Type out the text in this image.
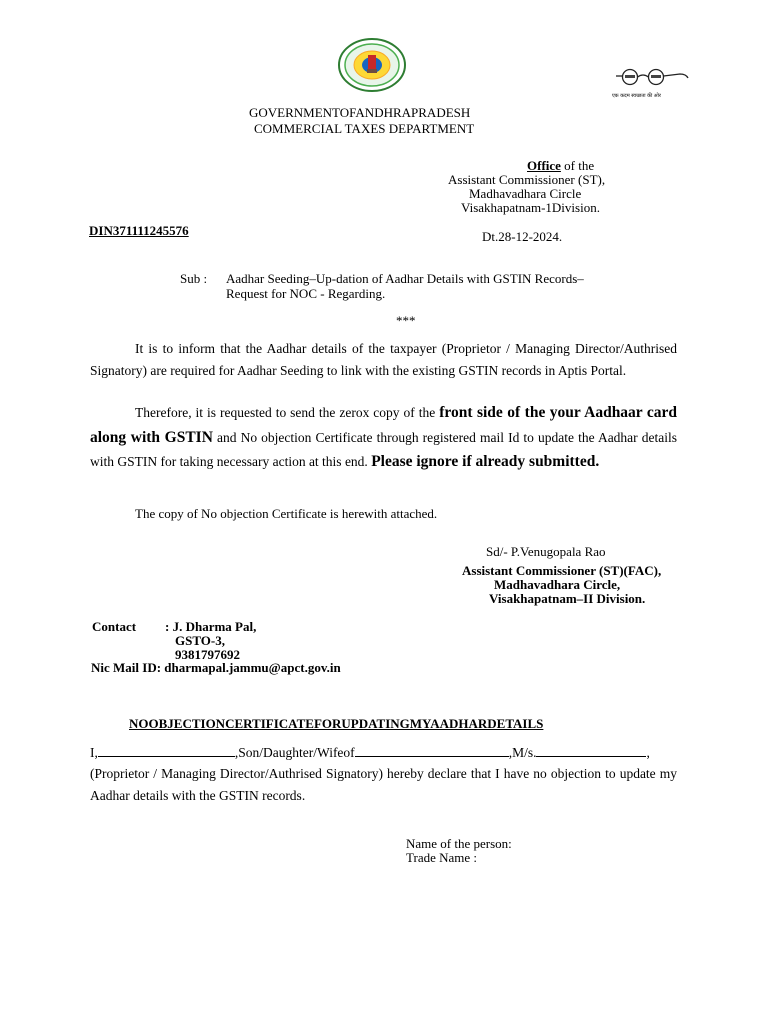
एक कदम स्वच्छता की ओर
GOVERNMENTOFANDHRAPRADESH
COMMERCIAL TAXES DEPARTMENT
Office of the
Assistant Commissioner (ST),
Madhavadhara Circle
Visakhapatnam-1Division.
DIN371111245576	Dt.28-12-2024.
Sub : Aadhar Seeding–Up-dation of Aadhar Details with GSTIN Records–
Request for NOC - Regarding.
***
It is to inform that the Aadhar details of the taxpayer (Proprietor / Managing Director/Authrised Signatory) are required for Aadhar Seeding to link with the existing GSTIN records in Aptis Portal.
Therefore, it is requested to send the zerox copy of the front side of the your Aadhaar card along with GSTIN and No objection Certificate through registered mail Id to update the Aadhar details with GSTIN for taking necessary action at this end. Please ignore if already submitted.
The copy of No objection Certificate is herewith attached.
Sd/- P.Venugopala Rao
Assistant Commissioner (ST)(FAC),
Madhavadhara Circle,
Visakhapatnam–II Division.
Contact : J. Dharma Pal,
GSTO-3,
9381797692
Nic Mail ID: dharmapal.jammu@apct.gov.in
NOOBJECTIONCERTIFICATEFORUPDATINGMYAADHARDETAILS
I,	,Son/Daughter/Wifeof	,M/s.	,
(Proprietor / Managing Director/Authrised Signatory) hereby declare that I have no objection to update my Aadhar details with the GSTIN records.
Name of the person:
Trade Name :
